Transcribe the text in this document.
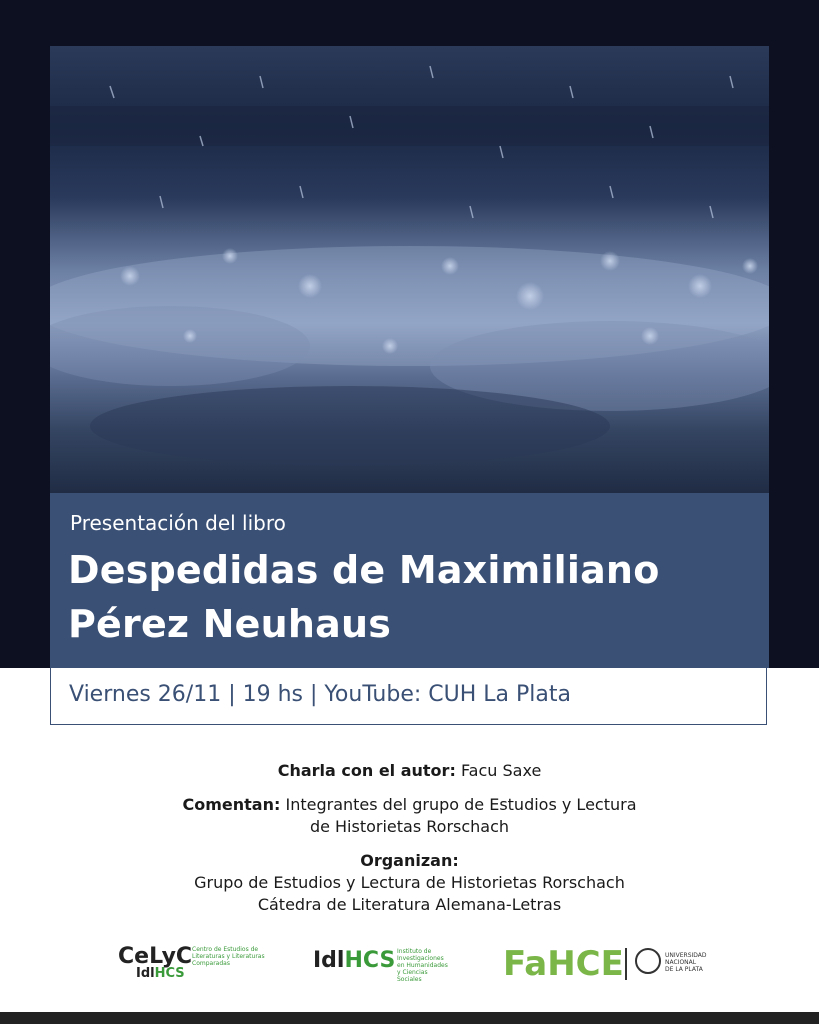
Presentación del libro
Despedidas de Maximiliano
Pérez Neuhaus
Viernes 26/11 | 19 hs | YouTube: CUH La Plata
Charla con el autor: Facu Saxe
Comentan: Integrantes del grupo de Estudios y Lectura
de Historietas Rorschach
Organizan:
Grupo de Estudios y Lectura de Historietas Rorschach
Cátedra de Literatura Alemana-Letras
CeLyC
IdlHCS
Centro de Estudios de Literaturas y Literaturas Comparadas	IdlHCS Instituto de Investigaciones en Humanidades y Ciencias Sociales	FaHCE	UNIVERSIDAD NACIONAL DE LA PLATA
